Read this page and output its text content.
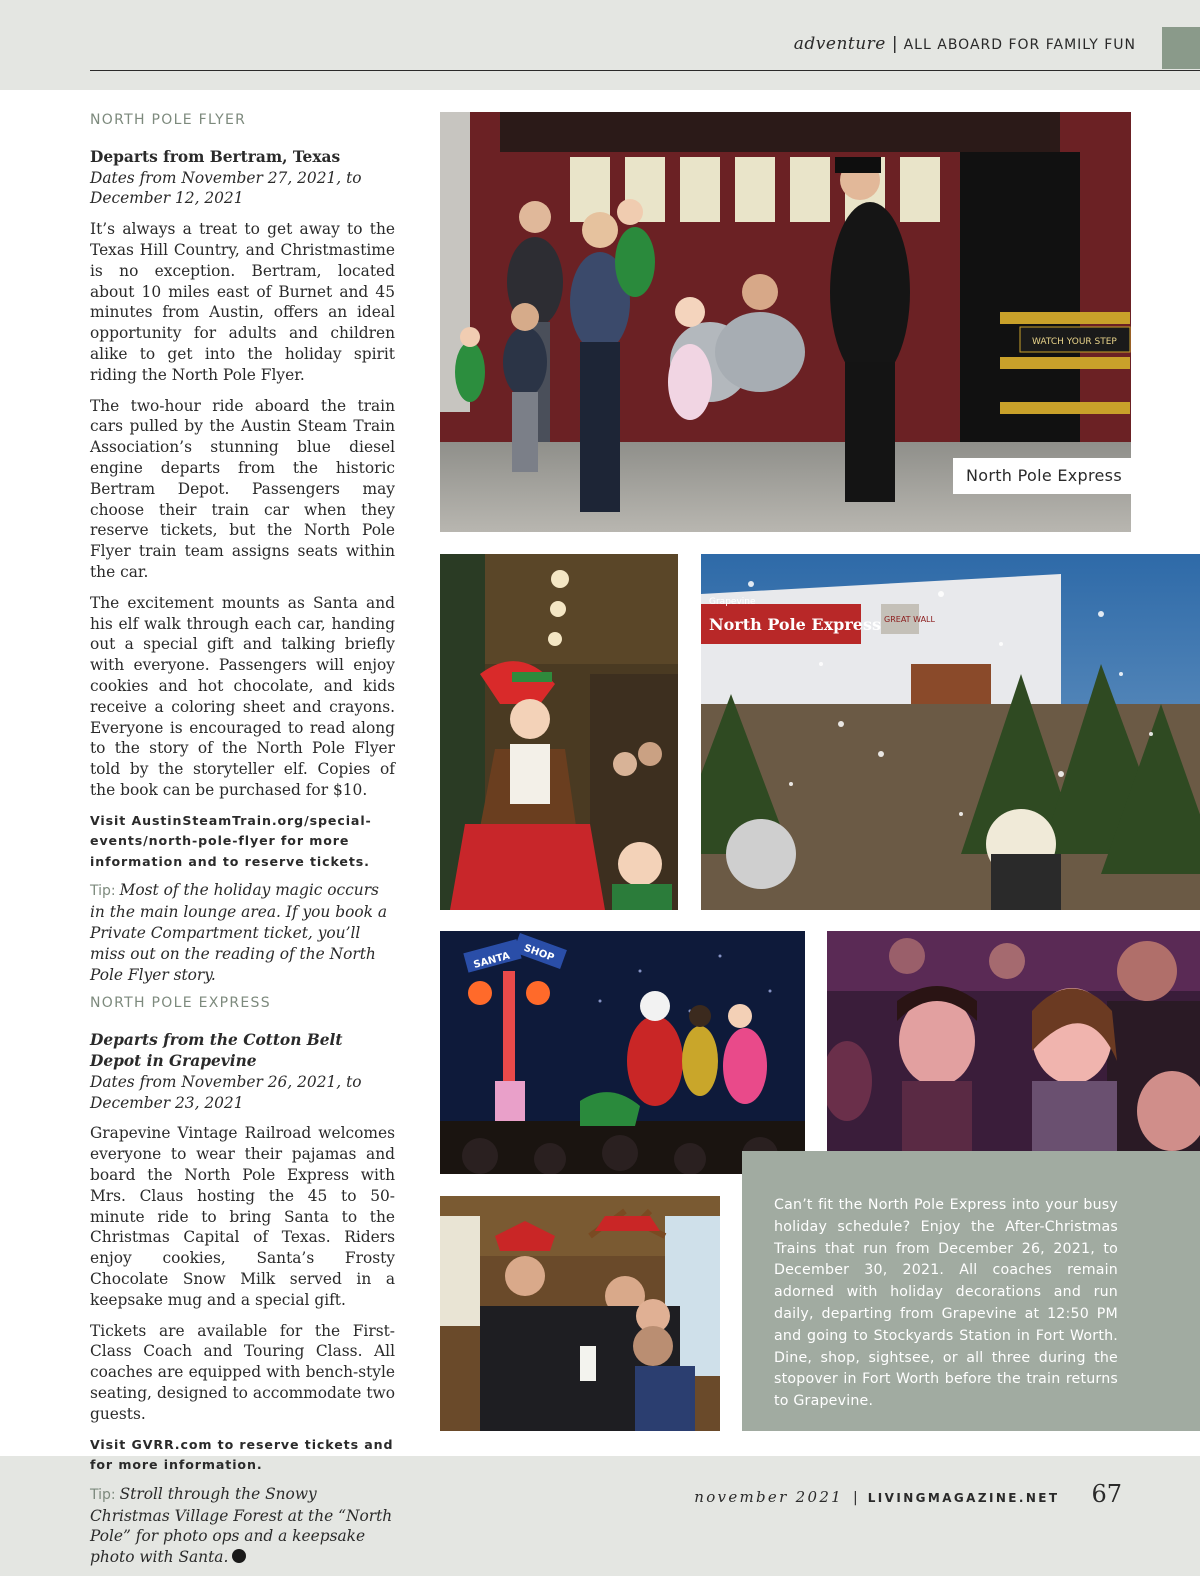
adventure | ALL ABOARD FOR FAMILY FUN
NORTH POLE FLYER

Departs from Bertram, Texas

Dates from November 27, 2021, to December 12, 2021

It’s always a treat to get away to the Texas Hill Country, and Christmastime is no exception. Bertram, located about 10 miles east of Burnet and 45 minutes from Austin, offers an ideal opportunity for adults and children alike to get into the holiday spirit riding the North Pole Flyer.

The two-hour ride aboard the train cars pulled by the Austin Steam Train Association’s stunning blue diesel engine departs from the historic Bertram Depot. Passengers may choose their train car when they reserve tickets, but the North Pole Flyer train team assigns seats within the car.

The excitement mounts as Santa and his elf walk through each car, handing out a special gift and talking briefly with everyone. Passengers will enjoy cookies and hot chocolate, and kids receive a coloring sheet and crayons. Everyone is encouraged to read along to the story of the North Pole Flyer told by the storyteller elf. Copies of the book can be purchased for $10.

Visit AustinSteamTrain.org/special-events/north-pole-flyer for more information and to reserve tickets.

Tip: Most of the holiday magic occurs in the main lounge area. If you book a Private Compartment ticket, you’ll miss out on the reading of the North Pole Flyer story.

NORTH POLE EXPRESS

Departs from the Cotton Belt Depot in Grapevine

Dates from November 26, 2021, to December 23, 2021

Grapevine Vintage Railroad welcomes everyone to wear their pajamas and board the North Pole Express with Mrs. Claus hosting the 45 to 50-minute ride to bring Santa to the Christmas Capital of Texas. Riders enjoy cookies, Santa’s Frosty Chocolate Snow Milk served in a keepsake mug and a special gift.

Tickets are available for the First-Class Coach and Touring Class. All coaches are equipped with bench-style seating, designed to accommodate two guests.

Visit GVRR.com to reserve tickets and for more information.

Tip: Stroll through the Snowy Christmas Village Forest at the “North Pole” for photo ops and a keepsake photo with Santa.

WATCH YOUR STEP
North Pole Express
North Pole Express
Grapevine
GREAT WALL
SANTA SHOP
Can’t fit the North Pole Express into your busy holiday schedule? Enjoy the After-Christmas Trains that run from December 26, 2021, to December 30, 2021. All coaches remain adorned with holiday decorations and run daily, departing from Grapevine at 12:50 PM and going to Stockyards Station in Fort Worth. Dine, shop, sightsee, or all three during the stopover in Fort Worth before the train returns to Grapevine.
november 2021 | LIVINGMAGAZINE.NET 67
